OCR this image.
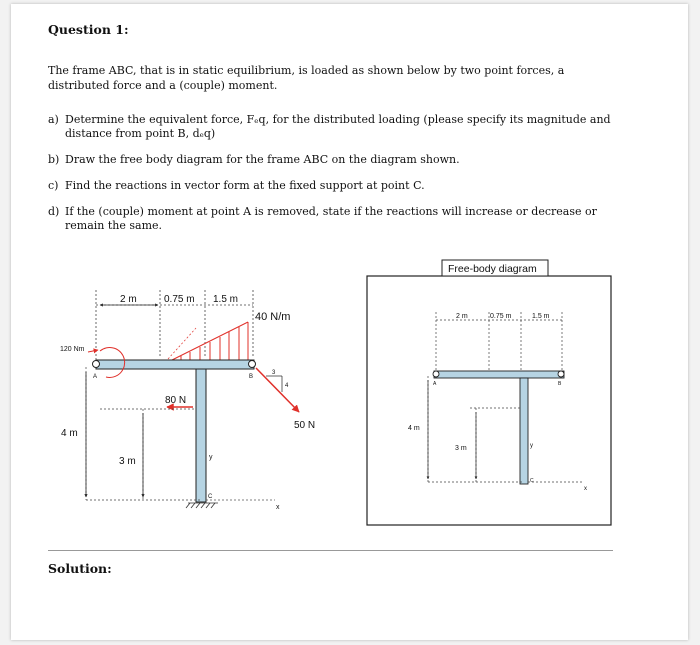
Question 1:
The frame ABC, that is in static equilibrium, is loaded as shown below by two point forces, a distributed force and a (couple) moment.
a) Determine the equivalent force, Fₑq, for the distributed loading (please specify its magnitude and distance from point B, dₑq)
b) Draw the free body diagram for the frame ABC on the diagram shown.
c) Find the reactions in vector form at the fixed support at point C.
d) If the (couple) moment at point A is removed, state if the reactions will increase or decrease or remain the same.
2 m	0.75 m 1.5 m
40 N/m
A	B
120 Nm
80 N
50 N
3
4
C
x
y
4 m
3 m
Free-body diagram
2 m	0.75 m	1.5 m
A	B
C
4 m
3 m
x
y
Solution:
